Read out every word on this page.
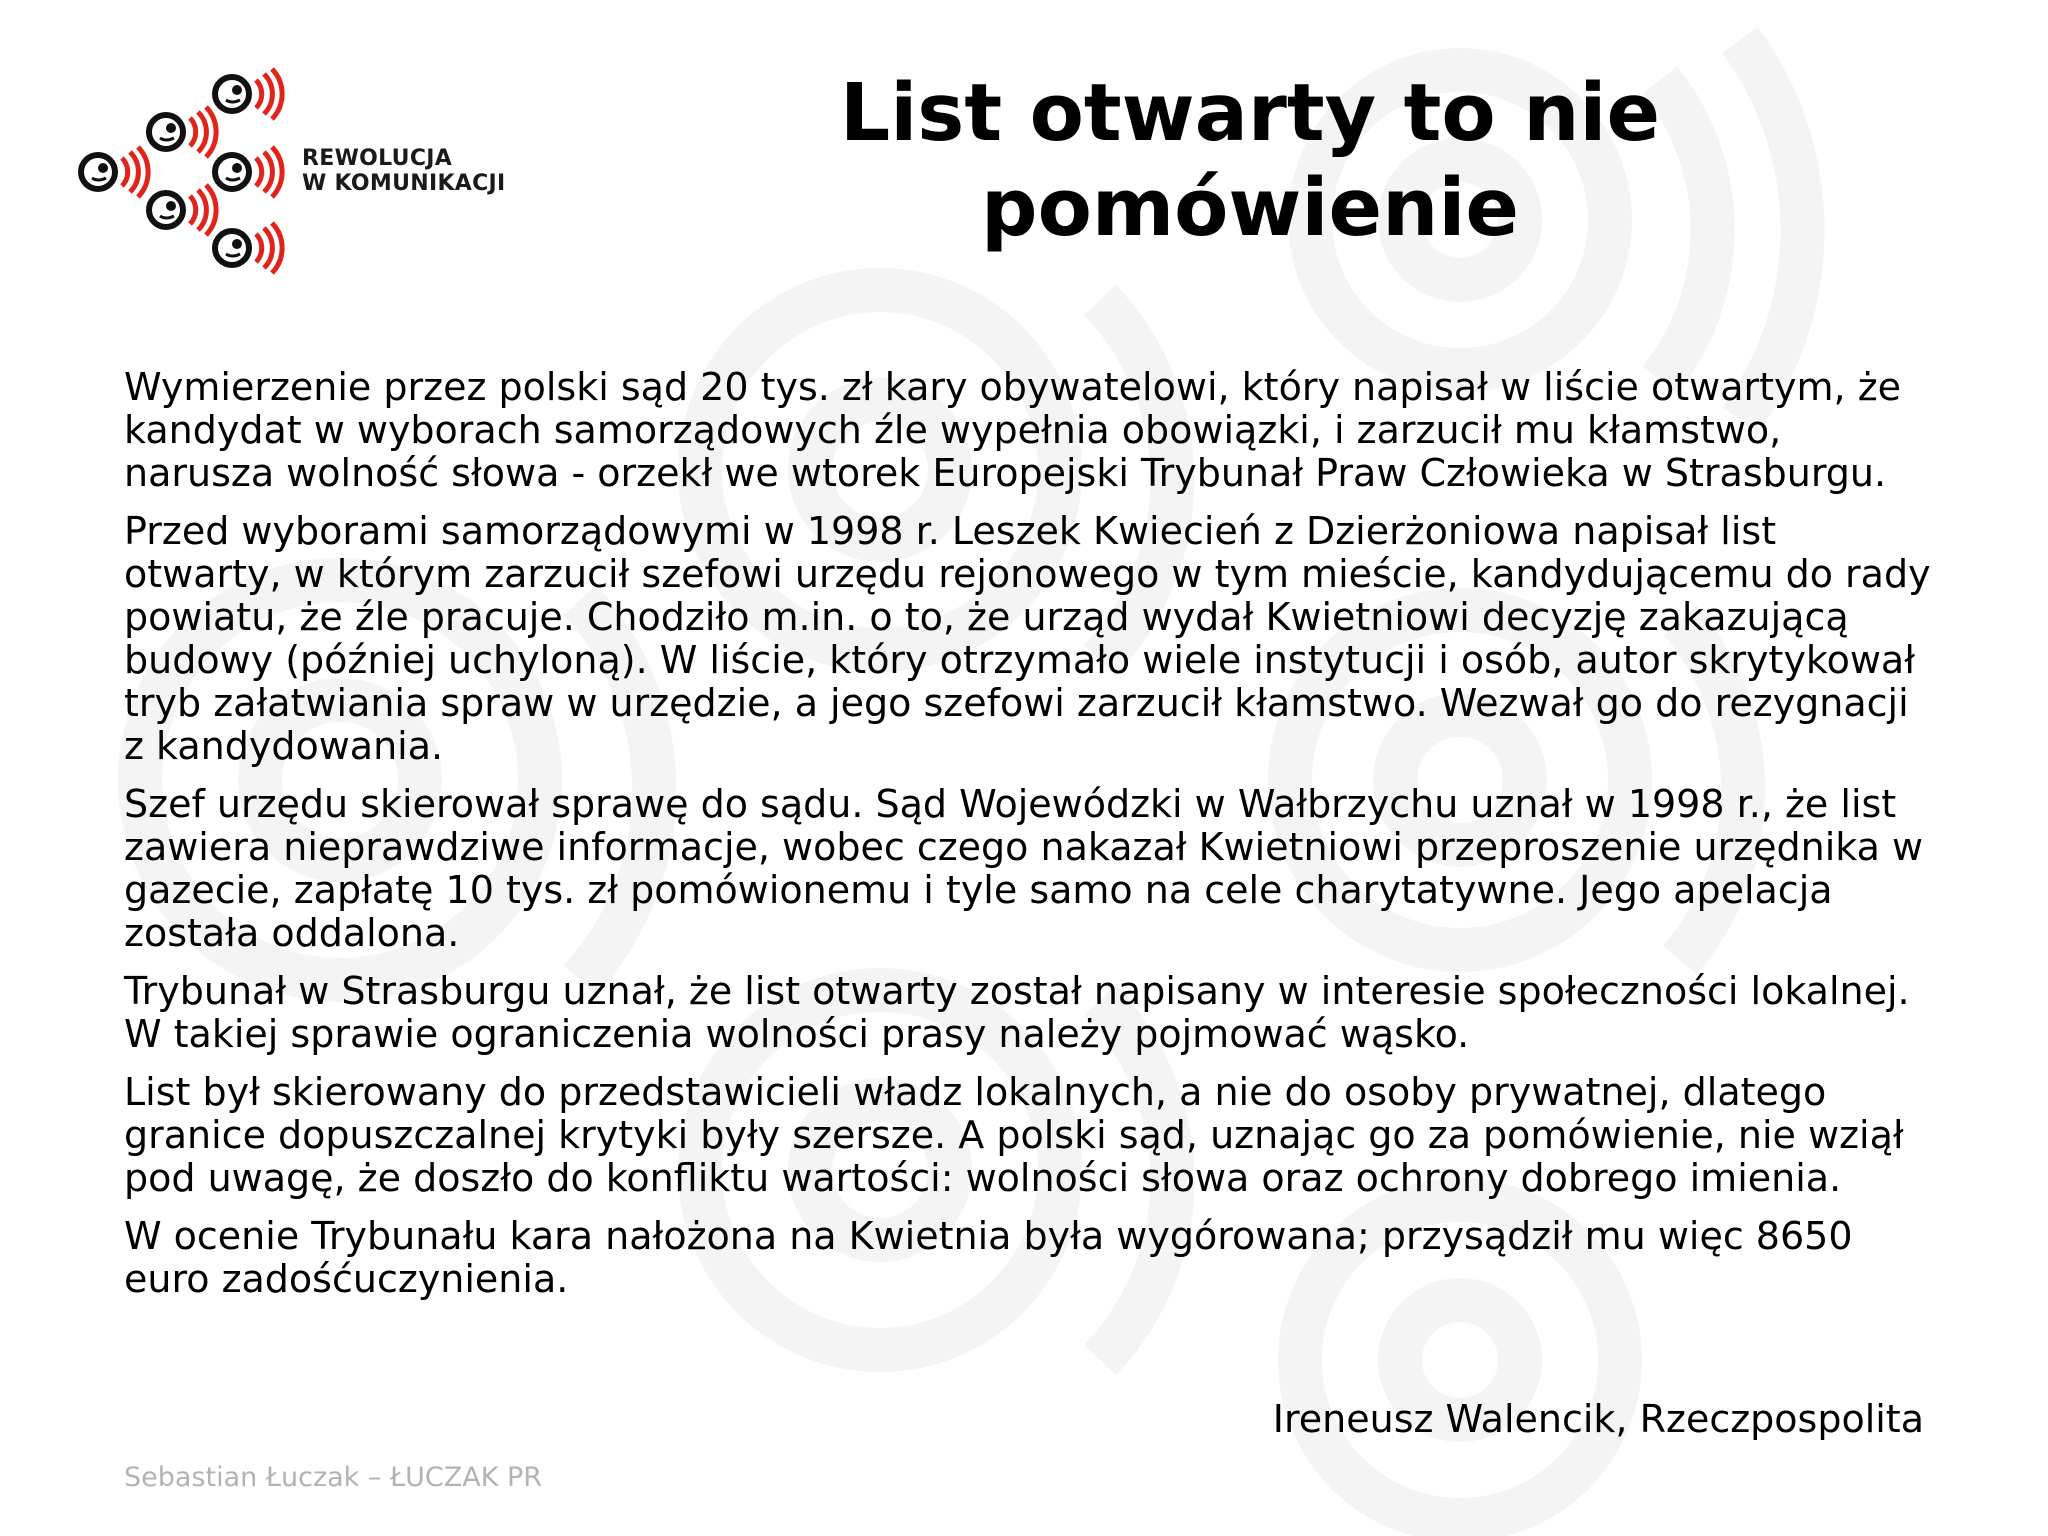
REWOLUCJA
W KOMUNIKACJI
List otwarty to nie
pomówienie

Wymierzenie przez polski sąd 20 tys. zł kary obywatelowi, który napisał w liście otwartym, że kandydat w wyborach samorządowych źle wypełnia obowiązki, i zarzucił mu kłamstwo, narusza wolność słowa - orzekł we wtorek Europejski Trybunał Praw Człowieka w Strasburgu.

Przed wyborami samorządowymi w 1998 r. Leszek Kwiecień z Dzierżoniowa napisał list otwarty, w którym zarzucił szefowi urzędu rejonowego w tym mieście, kandydującemu do rady powiatu, że źle pracuje. Chodziło m.in. o to, że urząd wydał Kwietniowi decyzję zakazującą budowy (później uchyloną). W liście, który otrzymało wiele instytucji i osób, autor skrytykował tryb załatwiania spraw w urzędzie, a jego szefowi zarzucił kłamstwo. Wezwał go do rezygnacji z kandydowania.

Szef urzędu skierował sprawę do sądu. Sąd Wojewódzki w Wałbrzychu uznał w 1998 r., że list zawiera nieprawdziwe informacje, wobec czego nakazał Kwietniowi przeproszenie urzędnika w gazecie, zapłatę 10 tys. zł pomówionemu i tyle samo na cele charytatywne. Jego apelacja została oddalona.

Trybunał w Strasburgu uznał, że list otwarty został napisany w interesie społeczności lokalnej. W takiej sprawie ograniczenia wolności prasy należy pojmować wąsko.

List był skierowany do przedstawicieli władz lokalnych, a nie do osoby prywatnej, dlatego granice dopuszczalnej krytyki były szersze. A polski sąd, uznając go za pomówienie, nie wziął pod uwagę, że doszło do konfliktu wartości: wolności słowa oraz ochrony dobrego imienia.

W ocenie Trybunału kara nałożona na Kwietnia była wygórowana; przysądził mu więc 8650 euro zadośćuczynienia.

Ireneusz Walencik, Rzeczpospolita
Sebastian Łuczak – ŁUCZAK PR
